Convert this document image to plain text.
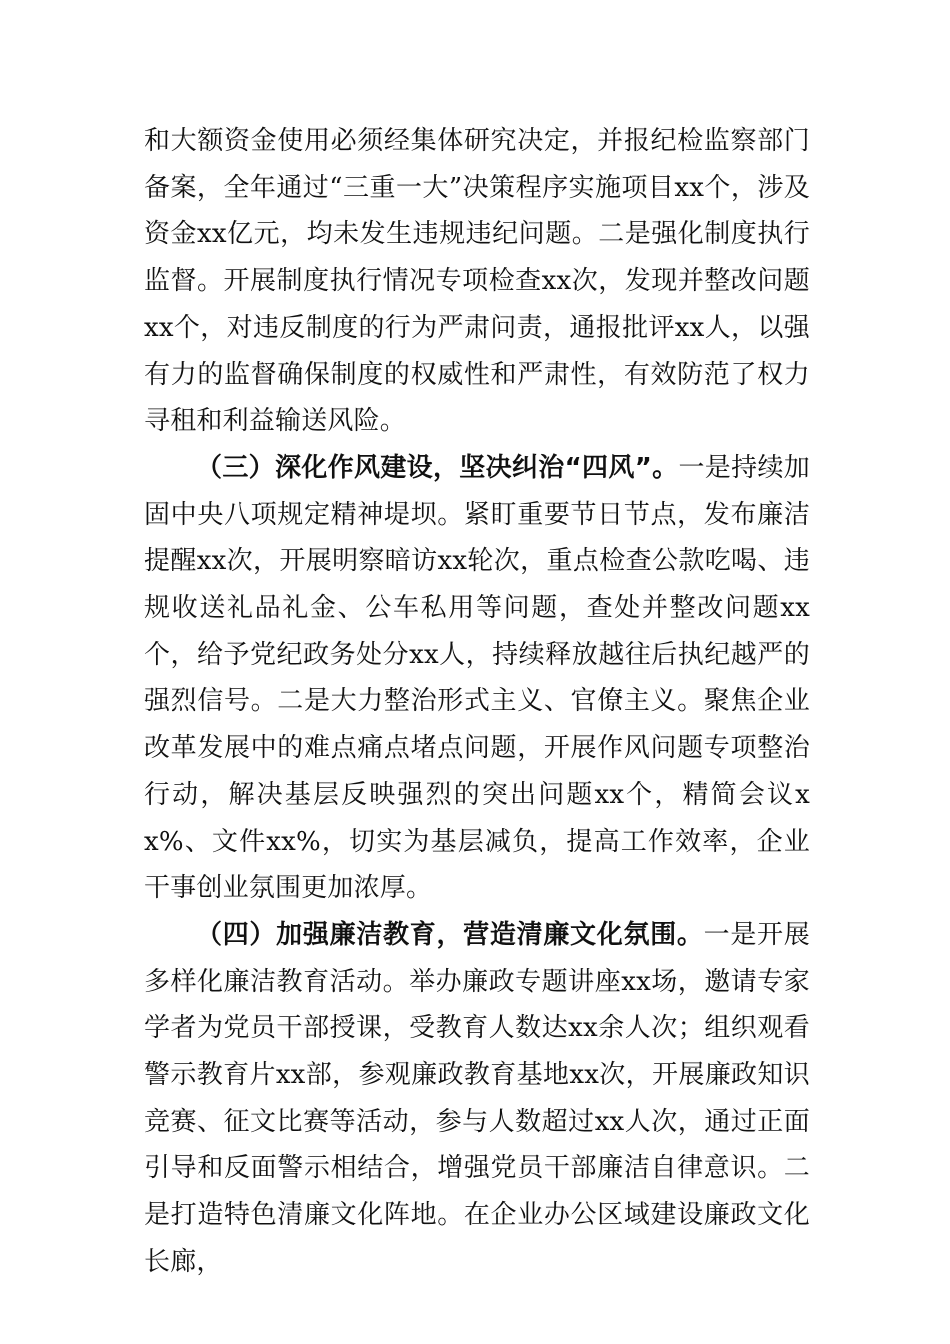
和大额资金使用必须经集体研究决定，并报纪检监察部门备案，全年通过“三重一大”决策程序实施项目xx个，涉及资金xx亿元，均未发生违规违纪问题。二是强化制度执行监督。开展制度执行情况专项检查xx次，发现并整改问题xx个，对违反制度的行为严肃问责，通报批评xx人，以强有力的监督确保制度的权威性和严肃性，有效防范了权力寻租和利益输送风险。

（三）深化作风建设，坚决纠治“四风”。一是持续加固中央八项规定精神堤坝。紧盯重要节日节点，发布廉洁提醒xx次，开展明察暗访xx轮次，重点检查公款吃喝、违规收送礼品礼金、公车私用等问题，查处并整改问题xx个，给予党纪政务处分xx人，持续释放越往后执纪越严的强烈信号。二是大力整治形式主义、官僚主义。聚焦企业改革发展中的难点痛点堵点问题，开展作风问题专项整治行动，解决基层反映强烈的突出问题xx个，精简会议xx%、文件xx%，切实为基层减负，提高工作效率，企业干事创业氛围更加浓厚。

（四）加强廉洁教育，营造清廉文化氛围。一是开展多样化廉洁教育活动。举办廉政专题讲座xx场，邀请专家学者为党员干部授课，受教育人数达xx余人次；组织观看警示教育片xx部，参观廉政教育基地xx次，开展廉政知识竞赛、征文比赛等活动，参与人数超过xx人次，通过正面引导和反面警示相结合，增强党员干部廉洁自律意识。二是打造特色清廉文化阵地。在企业办公区域建设廉政文化长廊，
